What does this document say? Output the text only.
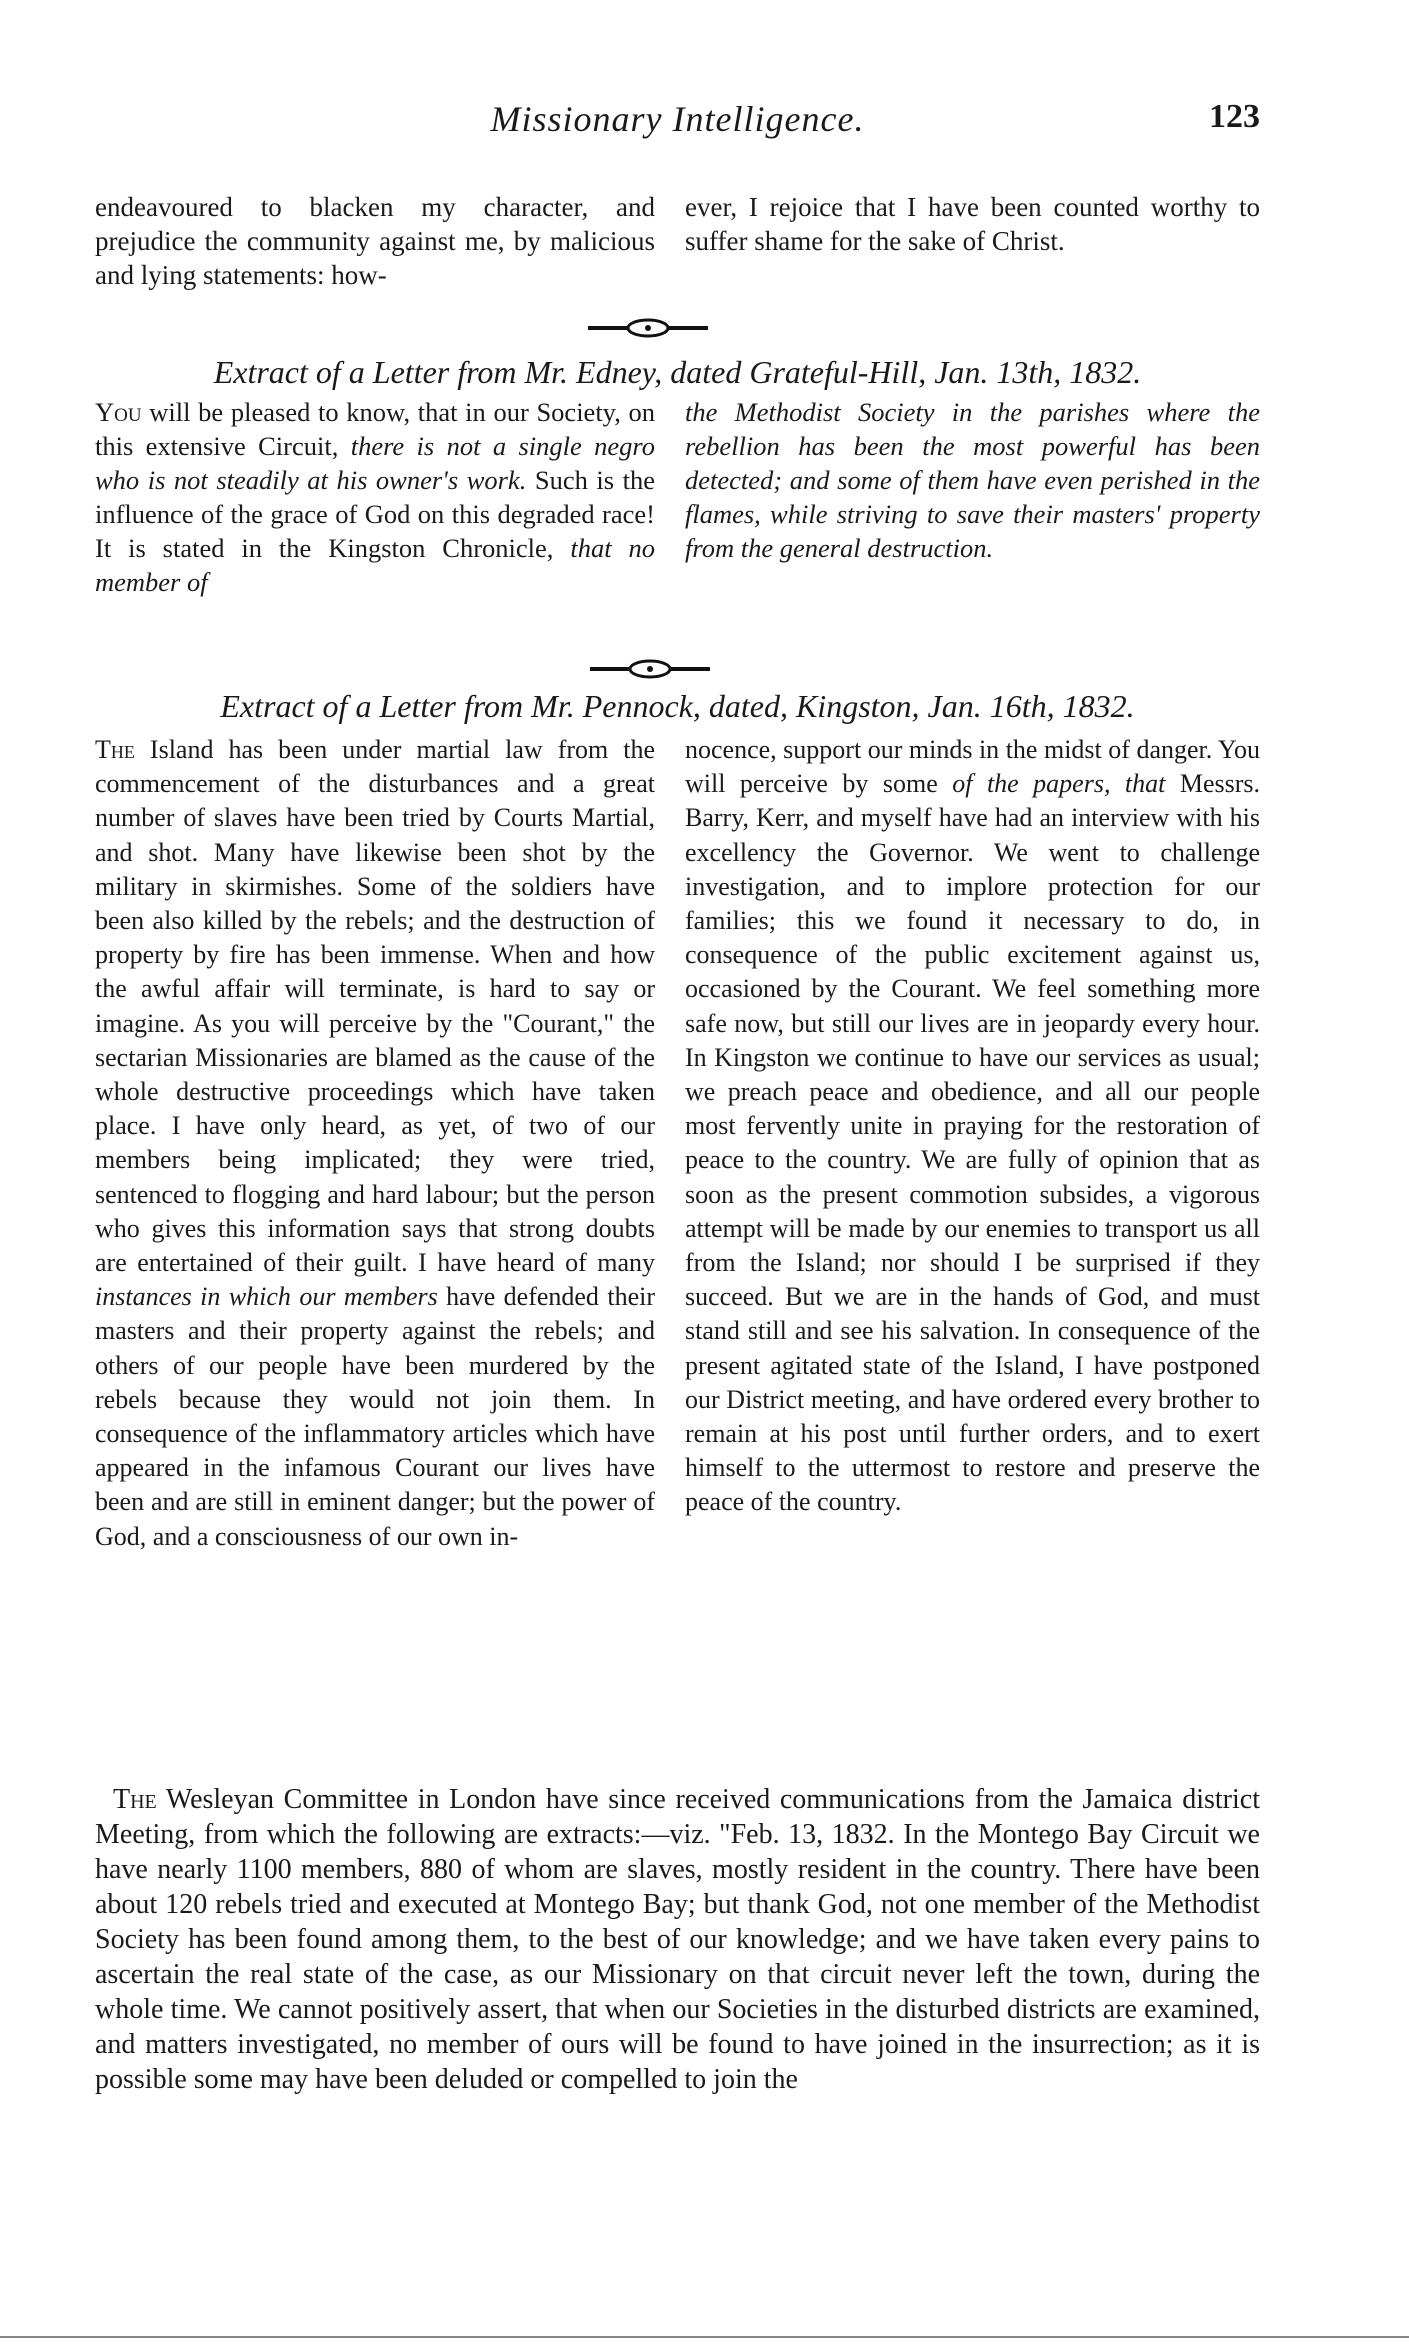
Missionary Intelligence.	123

endeavoured to blacken my character, and prejudice the community against me, by malicious and lying statements: how-

ever, I rejoice that I have been counted worthy to suffer shame for the sake of Christ.

Extract of a Letter from Mr. Edney, dated Grateful-Hill, Jan. 13th, 1832.

You will be pleased to know, that in our Society, on this extensive Circuit, there is not a single negro who is not steadily at his owner's work. Such is the influence of the grace of God on this degraded race! It is stated in the Kingston Chronicle, that no member of

the Methodist Society in the parishes where the rebellion has been the most powerful has been detected; and some of them have even perished in the flames, while striving to save their masters' property from the general destruction.

Extract of a Letter from Mr. Pennock, dated, Kingston, Jan. 16th, 1832.

The Island has been under martial law from the commencement of the disturbances and a great number of slaves have been tried by Courts Martial, and shot. Many have likewise been shot by the military in skirmishes. Some of the soldiers have been also killed by the rebels; and the destruction of property by fire has been immense. When and how the awful affair will terminate, is hard to say or imagine. As you will perceive by the "Courant," the sectarian Missionaries are blamed as the cause of the whole destructive proceedings which have taken place. I have only heard, as yet, of two of our members being implicated; they were tried, sentenced to flogging and hard labour; but the person who gives this information says that strong doubts are entertained of their guilt. I have heard of many instances in which our members have defended their masters and their property against the rebels; and others of our people have been murdered by the rebels because they would not join them. In consequence of the inflammatory articles which have appeared in the infamous Courant our lives have been and are still in eminent danger; but the power of God, and a consciousness of our own in-

nocence, support our minds in the midst of danger. You will perceive by some of the papers, that Messrs. Barry, Kerr, and myself have had an interview with his excellency the Governor. We went to challenge investigation, and to implore protection for our families; this we found it necessary to do, in consequence of the public excitement against us, occasioned by the Courant. We feel something more safe now, but still our lives are in jeopardy every hour. In Kingston we continue to have our services as usual; we preach peace and obedience, and all our people most fervently unite in praying for the restoration of peace to the country. We are fully of opinion that as soon as the present commotion subsides, a vigorous attempt will be made by our enemies to transport us all from the Island; nor should I be surprised if they succeed. But we are in the hands of God, and must stand still and see his salvation. In consequence of the present agitated state of the Island, I have postponed our District meeting, and have ordered every brother to remain at his post until further orders, and to exert himself to the uttermost to restore and preserve the peace of the country.

The Wesleyan Committee in London have since received communications from the Jamaica district Meeting, from which the following are extracts:—viz. "Feb. 13, 1832. In the Montego Bay Circuit we have nearly 1100 members, 880 of whom are slaves, mostly resident in the country. There have been about 120 rebels tried and executed at Montego Bay; but thank God, not one member of the Methodist Society has been found among them, to the best of our knowledge; and we have taken every pains to ascertain the real state of the case, as our Missionary on that circuit never left the town, during the whole time. We cannot positively assert, that when our Societies in the disturbed districts are examined, and matters investigated, no member of ours will be found to have joined in the insurrection; as it is possible some may have been deluded or compelled to join the
